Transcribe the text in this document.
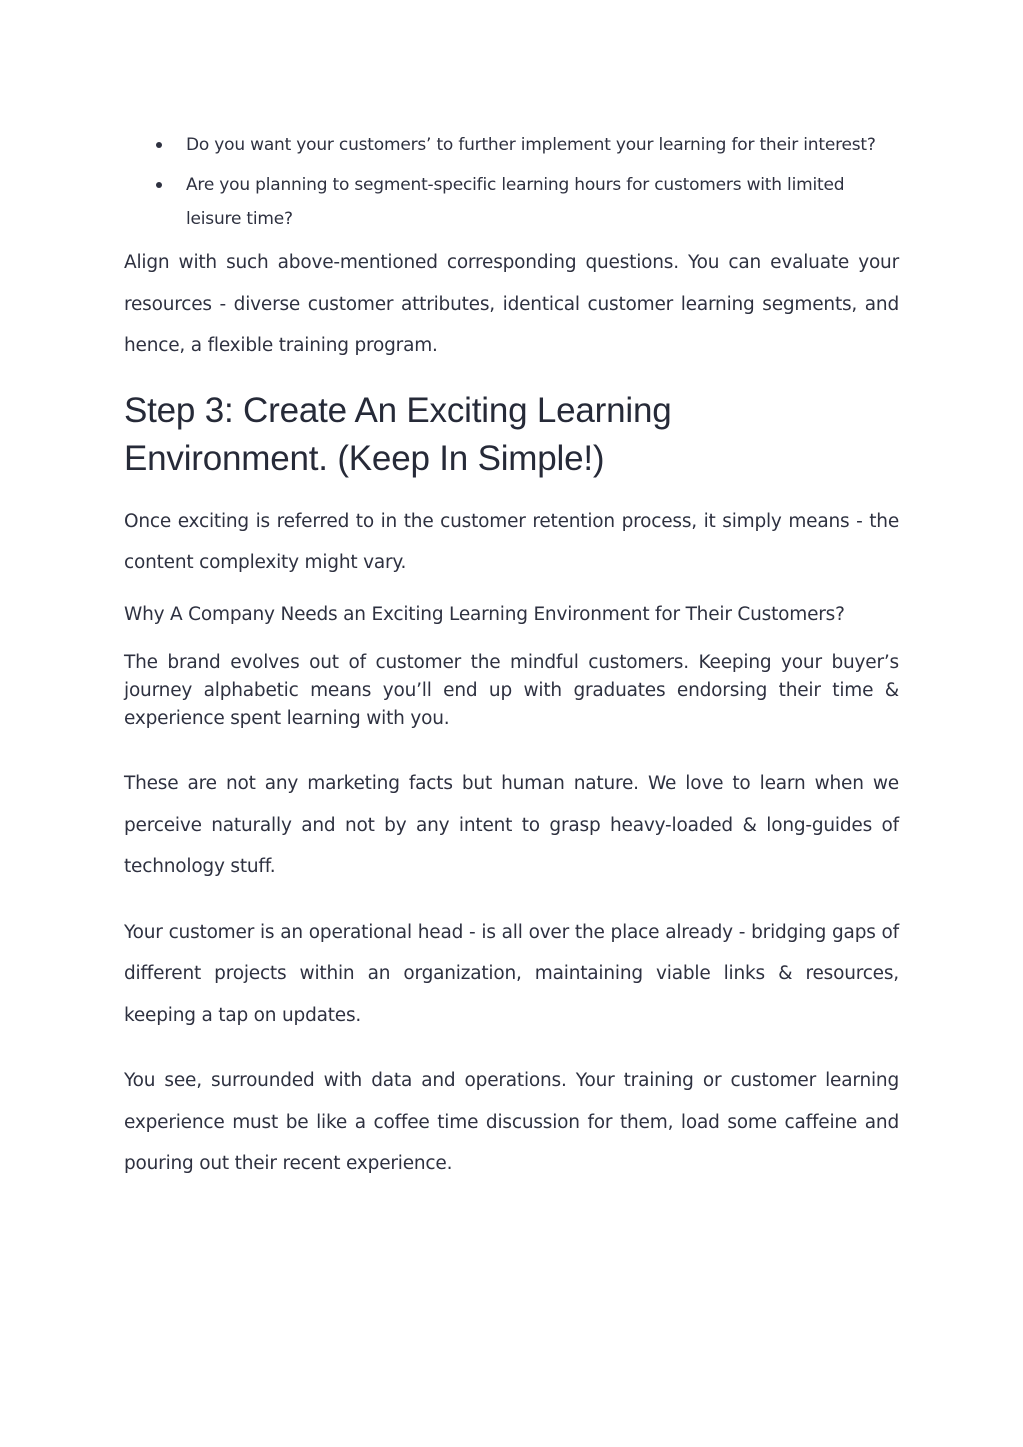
Do you want your customers’ to further implement your learning for their interest?
Are you planning to segment-specific learning hours for customers with limited leisure time?

Align with such above-mentioned corresponding questions. You can evaluate your resources - diverse customer attributes, identical customer learning segments, and hence, a flexible training program.

Step 3: Create An Exciting Learning Environment. (Keep In Simple!)

Once exciting is referred to in the customer retention process, it simply means - the content complexity might vary.

Why A Company Needs an Exciting Learning Environment for Their Customers?

The brand evolves out of customer the mindful customers. Keeping your buyer’s journey alphabetic means you’ll end up with graduates endorsing their time & experience spent learning with you.

These are not any marketing facts but human nature. We love to learn when we perceive naturally and not by any intent to grasp heavy-loaded & long-guides of technology stuff.

Your customer is an operational head - is all over the place already - bridging gaps of different projects within an organization, maintaining viable links & resources, keeping a tap on updates.

You see, surrounded with data and operations. Your training or customer learning experience must be like a coffee time discussion for them, load some caffeine and pouring out their recent experience.
